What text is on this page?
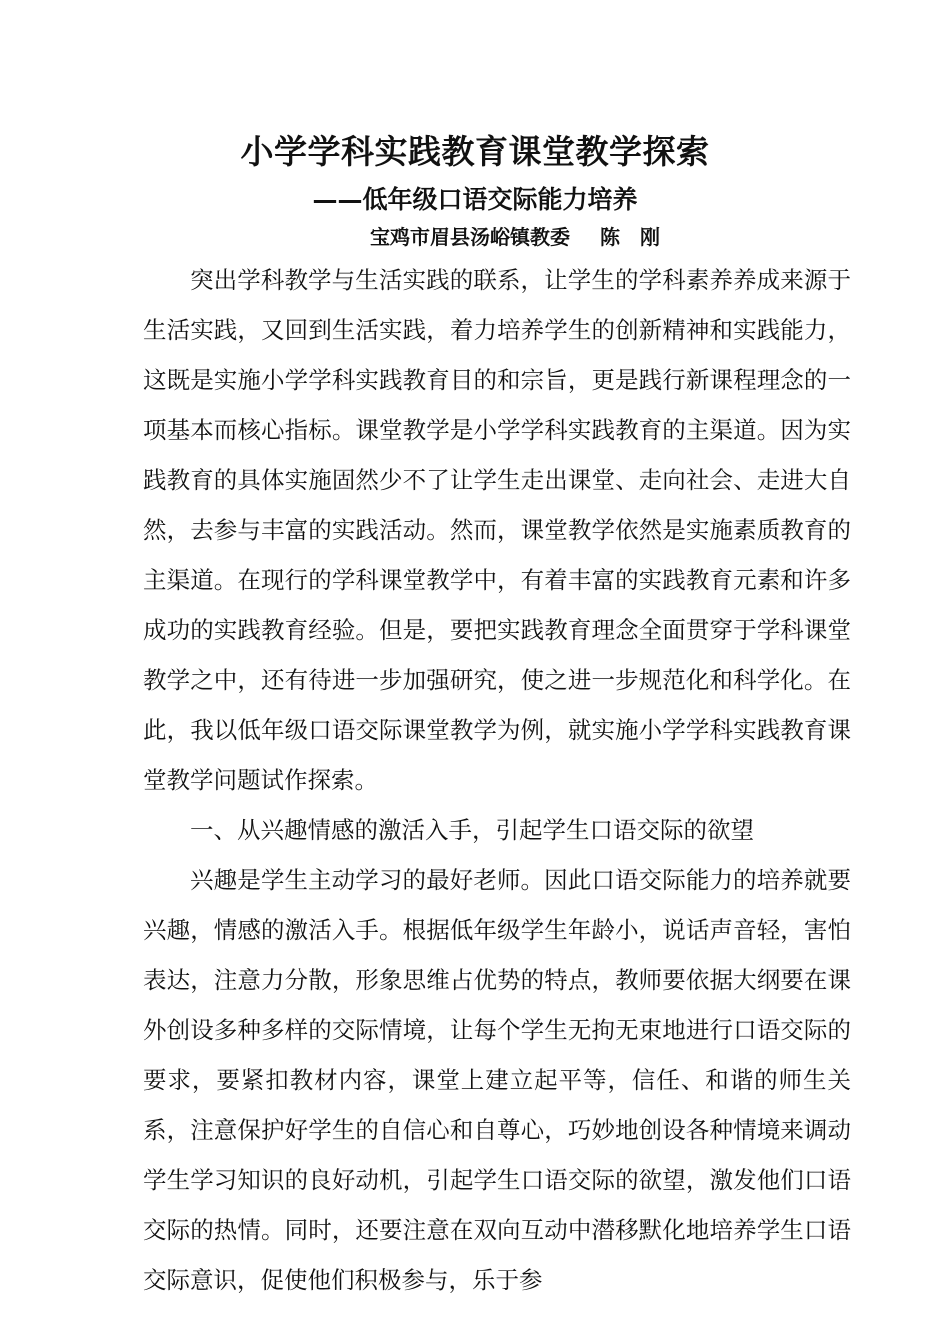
小学学科实践教育课堂教学探索
——低年级口语交际能力培养
宝鸡市眉县汤峪镇教委 陈　刚

突出学科教学与生活实践的联系，让学生的学科素养养成来源于生活实践，又回到生活实践，着力培养学生的创新精神和实践能力，这既是实施小学学科实践教育目的和宗旨，更是践行新课程理念的一项基本而核心指标。课堂教学是小学学科实践教育的主渠道。因为实践教育的具体实施固然少不了让学生走出课堂、走向社会、走进大自然，去参与丰富的实践活动。然而，课堂教学依然是实施素质教育的主渠道。在现行的学科课堂教学中，有着丰富的实践教育元素和许多成功的实践教育经验。但是，要把实践教育理念全面贯穿于学科课堂教学之中，还有待进一步加强研究，使之进一步规范化和科学化。在此，我以低年级口语交际课堂教学为例，就实施小学学科实践教育课堂教学问题试作探索。

一、从兴趣情感的激活入手，引起学生口语交际的欲望

兴趣是学生主动学习的最好老师。因此口语交际能力的培养就要兴趣，情感的激活入手。根据低年级学生年龄小，说话声音轻，害怕表达，注意力分散，形象思维占优势的特点，教师要依据大纲要在课外创设多种多样的交际情境，让每个学生无拘无束地进行口语交际的要求，要紧扣教材内容，课堂上建立起平等，信任、和谐的师生关系，注意保护好学生的自信心和自尊心，巧妙地创设各种情境来调动学生学习知识的良好动机，引起学生口语交际的欲望，激发他们口语交际的热情。同时，还要注意在双向互动中潜移默化地培养学生口语交际意识，促使他们积极参与，乐于参
